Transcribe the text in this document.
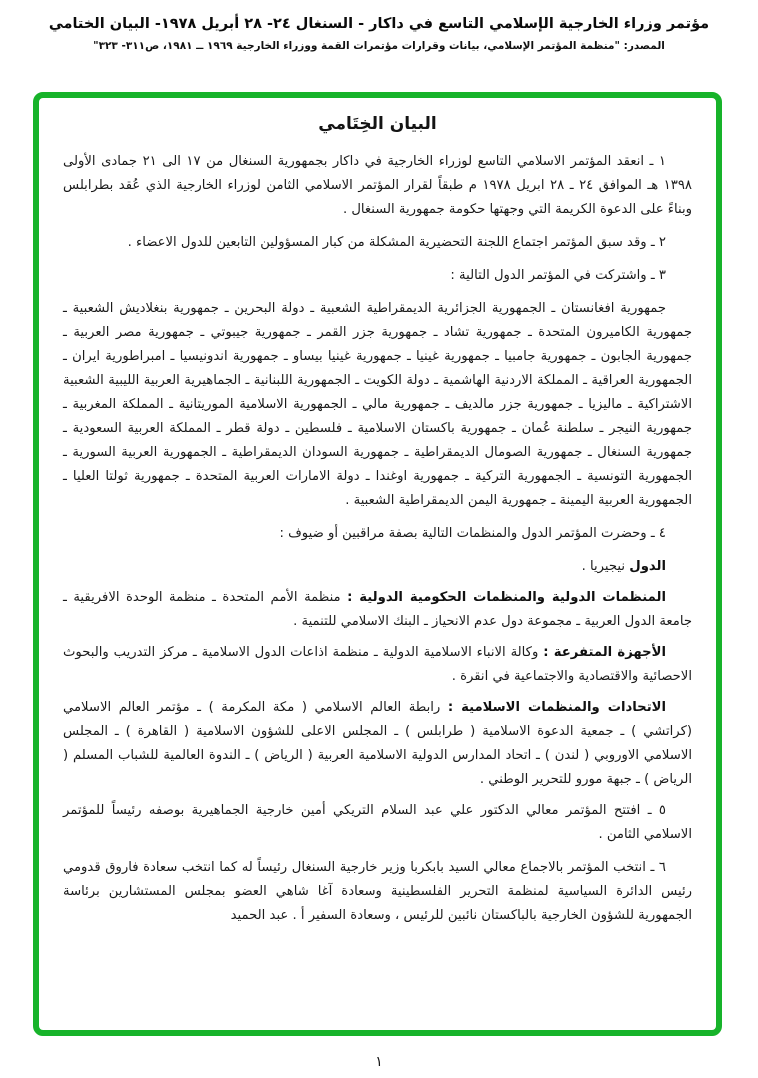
مؤتمر وزراء الخارجية الإسلامي التاسع في داكار - السنغال ٢٤- ٢٨ أبريل ١٩٧٨- البيان الختامي
المصدر: "منظمة المؤتمر الإسلامي، بيانات وقرارات مؤتمرات القمة ووزراء الخارجية ١٩٦٩ ــ ١٩٨١، ص٣١١- ٣٢٣"
البيان الخِتَامي

١ ـ انعقد المؤتمر الاسلامي التاسع لوزراء الخارجية في داكار بجمهورية السنغال من ١٧ الى ٢١ جمادى الأولى ١٣٩٨ هـ الموافق ٢٤ ـ ٢٨ ابريل ١٩٧٨ م طبقاً لقرار المؤتمر الاسلامي الثامن لوزراء الخارجية الذي عُقد بطرابلس وبناءً على الدعوة الكريمة التي وجهتها حكومة جمهورية السنغال .

٢ ـ وقد سبق المؤتمر اجتماع اللجنة التحضيرية المشكلة من كبار المسؤولين التابعين للدول الاعضاء .

٣ ـ واشتركت في المؤتمر الدول التالية :

جمهورية افغانستان ـ الجمهورية الجزائرية الديمقراطية الشعبية ـ دولة البحرين ـ جمهورية بنغلاديش الشعبية ـ جمهورية الكاميرون المتحدة ـ جمهورية تشاد ـ جمهورية جزر القمر ـ جمهورية جيبوتي ـ جمهورية مصر العربية ـ جمهورية الجابون ـ جمهورية جامبيا ـ جمهورية غينيا ـ جمهورية غينيا بيساو ـ جمهورية اندونيسيا ـ امبراطورية ايران ـ الجمهورية العراقية ـ المملكة الاردنية الهاشمية ـ دولة الكويت ـ الجمهورية اللبنانية ـ الجماهيرية العربية الليبية الشعبية الاشتراكية ـ ماليزيا ـ جمهورية جزر مالديف ـ جمهورية مالي ـ الجمهورية الاسلامية الموريتانية ـ المملكة المغربية ـ جمهورية النيجر ـ سلطنة عُمان ـ جمهورية باكستان الاسلامية ـ فلسطين ـ دولة قطر ـ المملكة العربية السعودية ـ جمهورية السنغال ـ جمهورية الصومال الديمقراطية ـ جمهورية السودان الديمقراطية ـ الجمهورية العربية السورية ـ الجمهورية التونسية ـ الجمهورية التركية ـ جمهورية اوغندا ـ دولة الامارات العربية المتحدة ـ جمهورية ثولتا العليا ـ الجمهورية العربية اليمينة ـ جمهورية اليمن الديمقراطية الشعبية .

٤ ـ وحضرت المؤتمر الدول والمنظمات التالية بصفة مراقبين أو ضيوف :

الدول نيجيريا .

المنظمات الدولية والمنظمات الحكومية الدولية : منظمة الأمم المتحدة ـ منظمة الوحدة الافريقية ـ جامعة الدول العربية ـ مجموعة دول عدم الانحياز ـ البنك الاسلامي للتنمية .

الأجهزة المتفرعة : وكالة الانباء الاسلامية الدولية ـ منظمة اذاعات الدول الاسلامية ـ مركز التدريب والبحوث الاحصائية والاقتصادية والاجتماعية في انقرة .

الاتحادات والمنظمات الاسلامية : رابطة العالم الاسلامي ( مكة المكرمة ) ـ مؤتمر العالم الاسلامي (كراتشي ) ـ جمعية الدعوة الاسلامية ( طرابلس ) ـ المجلس الاعلى للشؤون الاسلامية ( القاهرة ) ـ المجلس الاسلامي الاوروبي ( لندن ) ـ اتحاد المدارس الدولية الاسلامية العربية ( الرياض ) ـ الندوة العالمية للشباب المسلم ( الرياض ) ـ جبهة مورو للتحرير الوطني .

٥ ـ افتتح المؤتمر معالي الدكتور علي عبد السلام التريكي أمين خارجية الجماهيرية بوصفه رئيساً للمؤتمر الاسلامي الثامن .

٦ ـ انتخب المؤتمر بالاجماع معالي السيد بابكربا وزير خارجية السنغال رئيساً له كما انتخب سعادة فاروق قدومي رئيس الدائرة السياسية لمنظمة التحرير الفلسطينية وسعادة آغا شاهي العضو بمجلس المستشارين برئاسة الجمهورية للشؤون الخارجية بالباكستان نائبين للرئيس ، وسعادة السفير أ . عبد الحميد

١
